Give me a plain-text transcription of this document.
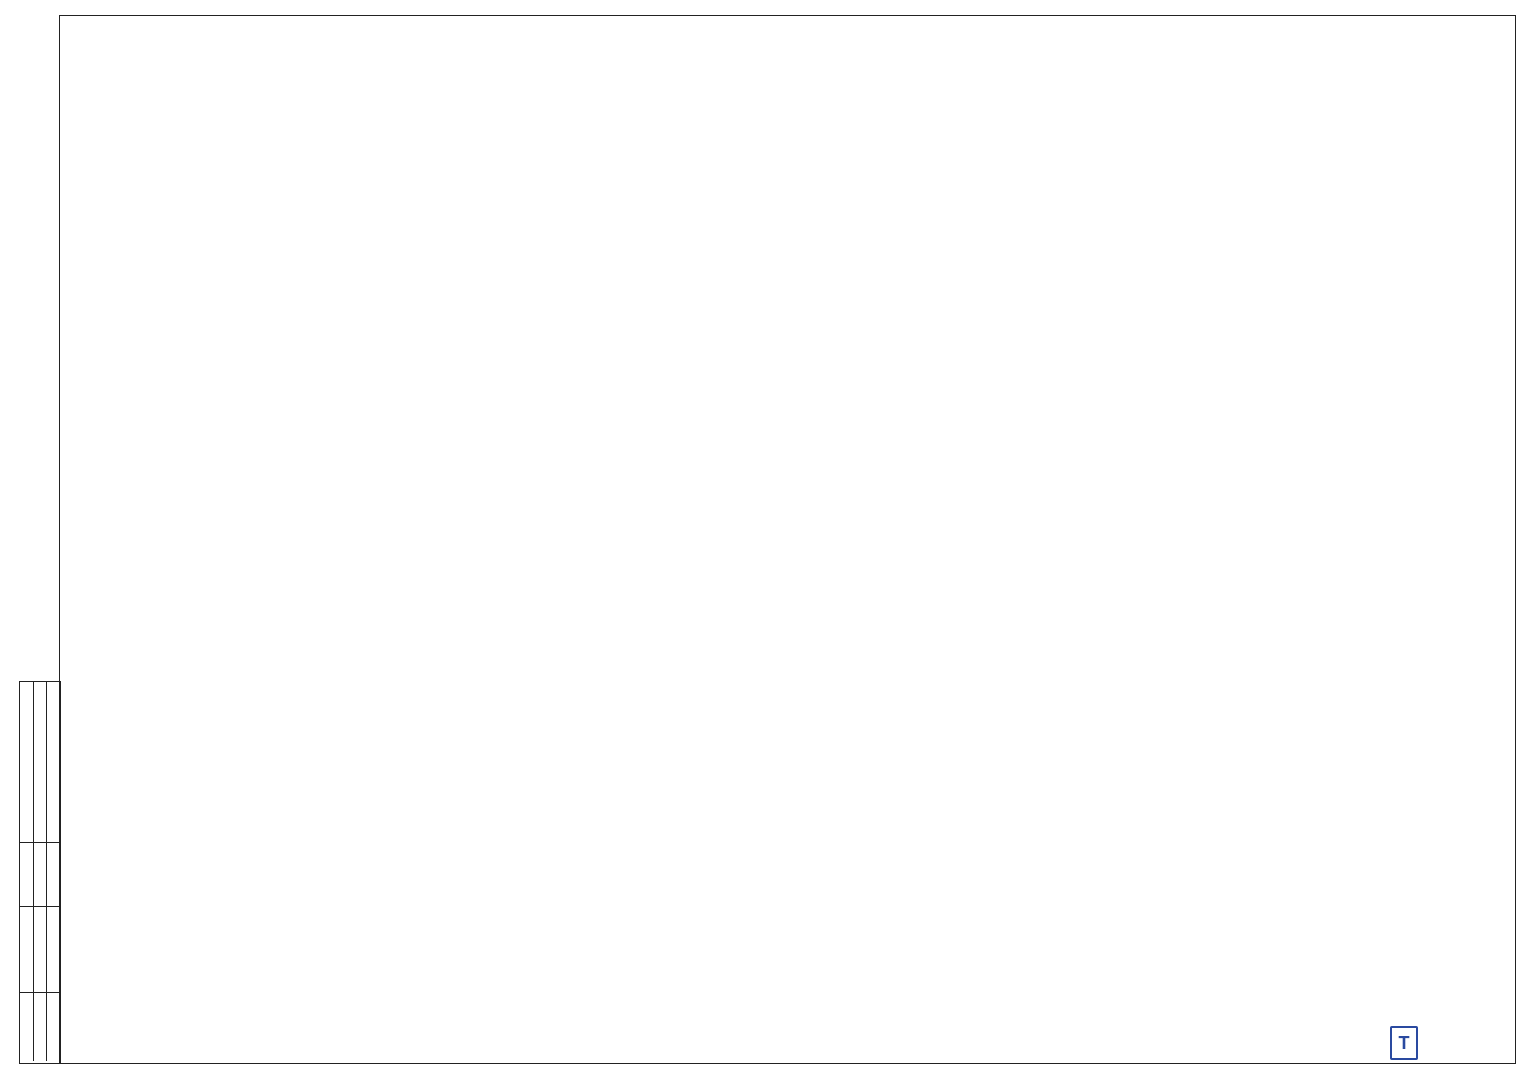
Т
